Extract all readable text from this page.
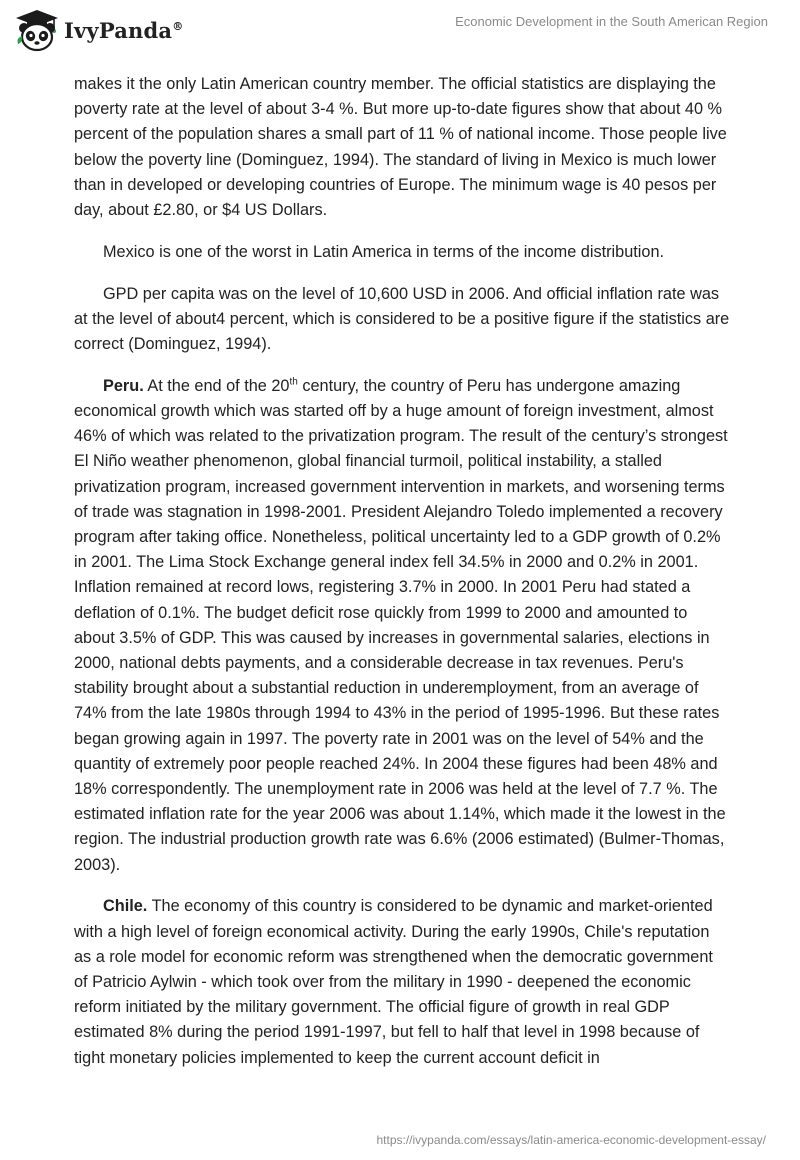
IvyPanda®	Economic Development in the South American Region

makes it the only Latin American country member. The official statistics are displaying the poverty rate at the level of about 3-4 %. But more up-to-date figures show that about 40 % percent of the population shares a small part of 11 % of national income. Those people live below the poverty line (Dominguez, 1994). The standard of living in Mexico is much lower than in developed or developing countries of Europe. The minimum wage is 40 pesos per day, about £2.80, or $4 US Dollars.

Mexico is one of the worst in Latin America in terms of the income distribution.

GPD per capita was on the level of 10,600 USD in 2006. And official inflation rate was at the level of about4 percent, which is considered to be a positive figure if the statistics are correct (Dominguez, 1994).

Peru. At the end of the 20th century, the country of Peru has undergone amazing economical growth which was started off by a huge amount of foreign investment, almost 46% of which was related to the privatization program. The result of the century’s strongest El Niño weather phenomenon, global financial turmoil, political instability, a stalled privatization program, increased government intervention in markets, and worsening terms of trade was stagnation in 1998-2001. President Alejandro Toledo implemented a recovery program after taking office. Nonetheless, political uncertainty led to a GDP growth of 0.2% in 2001. The Lima Stock Exchange general index fell 34.5% in 2000 and 0.2% in 2001. Inflation remained at record lows, registering 3.7% in 2000. In 2001 Peru had stated a deflation of 0.1%. The budget deficit rose quickly from 1999 to 2000 and amounted to about 3.5% of GDP. This was caused by increases in governmental salaries, elections in 2000, national debts payments, and a considerable decrease in tax revenues. Peru's stability brought about a substantial reduction in underemployment, from an average of 74% from the late 1980s through 1994 to 43% in the period of 1995-1996. But these rates began growing again in 1997. The poverty rate in 2001 was on the level of 54% and the quantity of extremely poor people reached 24%. In 2004 these figures had been 48% and 18% correspondently. The unemployment rate in 2006 was held at the level of 7.7 %. The estimated inflation rate for the year 2006 was about 1.14%, which made it the lowest in the region. The industrial production growth rate was 6.6% (2006 estimated) (Bulmer-Thomas, 2003).

Chile. The economy of this country is considered to be dynamic and market-oriented with a high level of foreign economical activity. During the early 1990s, Chile's reputation as a role model for economic reform was strengthened when the democratic government of Patricio Aylwin - which took over from the military in 1990 - deepened the economic reform initiated by the military government. The official figure of growth in real GDP estimated 8% during the period 1991-1997, but fell to half that level in 1998 because of tight monetary policies implemented to keep the current account deficit in

https://ivypanda.com/essays/latin-america-economic-development-essay/
